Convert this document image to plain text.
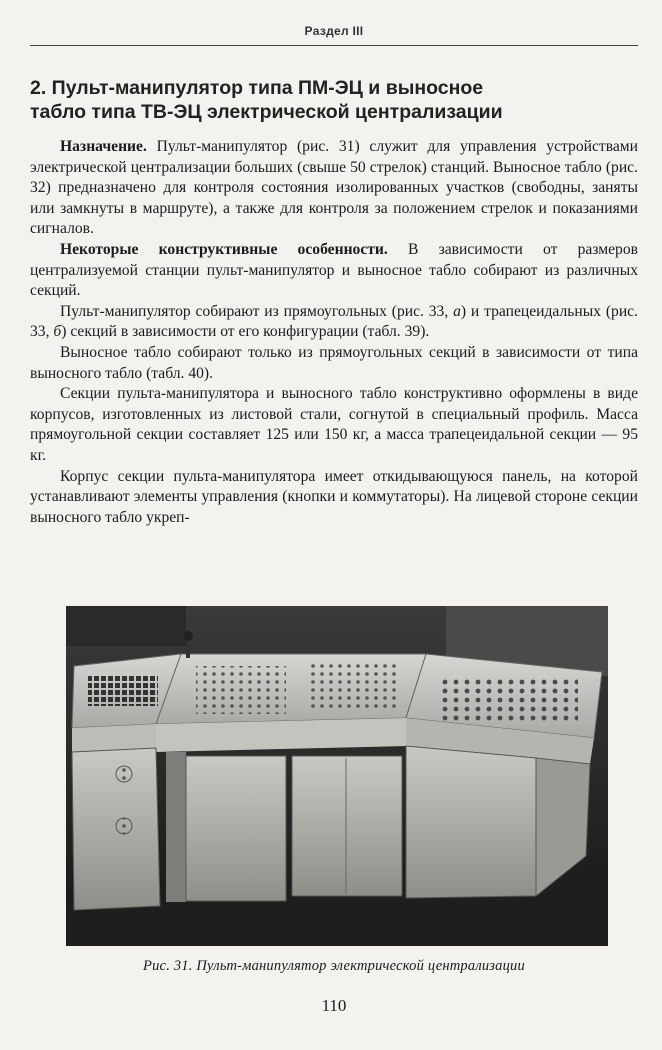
Раздел III
2. Пульт-манипулятор типа ПМ-ЭЦ и выносное
табло типа ТВ-ЭЦ электрической централизации

Назначение. Пульт-манипулятор (рис. 31) служит для управления устройствами электрической централизации больших (свыше 50 стрелок) станций. Выносное табло (рис. 32) предназначено для контроля состояния изолированных участков (свободны, заняты или замкнуты в маршруте), а также для контроля за положением стрелок и показаниями сигналов.

Некоторые конструктивные особенности. В зависимости от размеров централизуемой станции пульт-манипулятор и выносное табло собирают из различных секций.

Пульт-манипулятор собирают из прямоугольных (рис. 33, а) и трапецеидальных (рис. 33, б) секций в зависимости от его конфигурации (табл. 39).

Выносное табло собирают только из прямоугольных секций в зависимости от типа выносного табло (табл. 40).

Секции пульта-манипулятора и выносного табло конструктивно оформлены в виде корпусов, изготовленных из листовой стали, согнутой в специальный профиль. Масса прямоугольной секции составляет 125 или 150 кг, а масса трапецеидальной секции — 95 кг.

Корпус секции пульта-манипулятора имеет откидывающуюся панель, на которой устанавливают элементы управления (кнопки и коммутаторы). На лицевой стороне секции выносного табло укреп-

Рис. 31. Пульт-манипулятор электрической централизации
110
